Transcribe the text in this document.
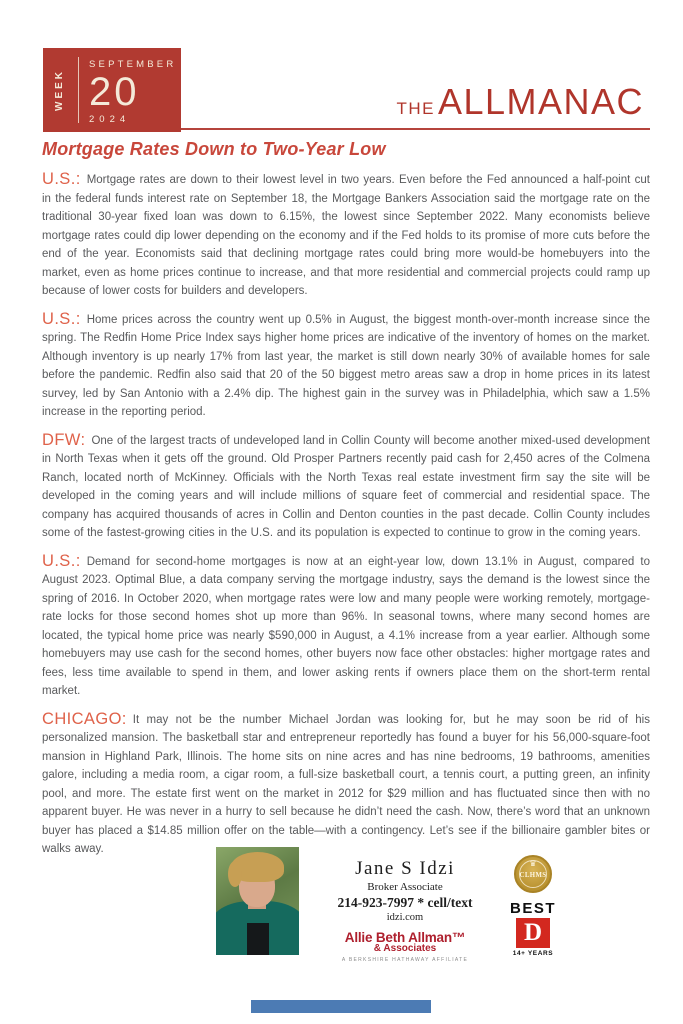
WEEK
SEPTEMBER
20
2024
THE ALLMANAC
Mortgage Rates Down to Two-Year Low

U.S.: Mortgage rates are down to their lowest level in two years. Even before the Fed announced a half-point cut in the federal funds interest rate on September 18, the Mortgage Bankers Association said the mortgage rate on the traditional 30-year fixed loan was down to 6.15%, the lowest since September 2022. Many economists believe mortgage rates could dip lower depending on the economy and if the Fed holds to its promise of more cuts before the end of the year. Economists said that declining mortgage rates could bring more would-be homebuyers into the market, even as home prices continue to increase, and that more residential and commercial projects could ramp up because of lower costs for builders and developers.

U.S.: Home prices across the country went up 0.5% in August, the biggest month-over-month increase since the spring. The Redfin Home Price Index says higher home prices are indicative of the inventory of homes on the market. Although inventory is up nearly 17% from last year, the market is still down nearly 30% of available homes for sale before the pandemic. Redfin also said that 20 of the 50 biggest metro areas saw a drop in home prices in its latest survey, led by San Antonio with a 2.4% dip. The highest gain in the survey was in Philadelphia, which saw a 1.5% increase in the reporting period.

DFW: One of the largest tracts of undeveloped land in Collin County will become another mixed-used development in North Texas when it gets off the ground. Old Prosper Partners recently paid cash for 2,450 acres of the Colmena Ranch, located north of McKinney. Officials with the North Texas real estate investment firm say the site will be developed in the coming years and will include millions of square feet of commercial and residential space. The company has acquired thousands of acres in Collin and Denton counties in the past decade. Collin County includes some of the fastest-growing cities in the U.S. and its population is expected to continue to grow in the coming years.

U.S.: Demand for second-home mortgages is now at an eight-year low, down 13.1% in August, compared to August 2023. Optimal Blue, a data company serving the mortgage industry, says the demand is the lowest since the spring of 2016. In October 2020, when mortgage rates were low and many people were working remotely, mortgage-rate locks for those second homes shot up more than 96%. In seasonal towns, where many second homes are located, the typical home price was nearly $590,000 in August, a 4.1% increase from a year earlier. Although some homebuyers may use cash for the second homes, other buyers now face other obstacles: higher mortgage rates and fees, less time available to spend in them, and lower asking rents if owners place them on the short-term rental market.

CHICAGO: It may not be the number Michael Jordan was looking for, but he may soon be rid of his personalized mansion. The basketball star and entrepreneur reportedly has found a buyer for his 56,000-square-foot mansion in Highland Park, Illinois. The home sits on nine acres and has nine bedrooms, 19 bathrooms, amenities galore, including a media room, a cigar room, a full-size basketball court, a tennis court, a putting green, an infinity pool, and more. The estate first went on the market in 2012 for $29 million and has fluctuated since then with no apparent buyer. He was never in a hurry to sell because he didn’t need the cash. Now, there’s word that an unknown buyer has placed a $14.85 million offer on the table—with a contingency. Let’s see if the billionaire gambler bites or walks away.

Jane S Idzi
Broker Associate
214-923-7997 * cell/text
idzi.com
Allie Beth Allman™
& Associates
A BERKSHIRE HATHAWAY AFFILIATE
♛
CLHMS
BEST
D
14+ YEARS
